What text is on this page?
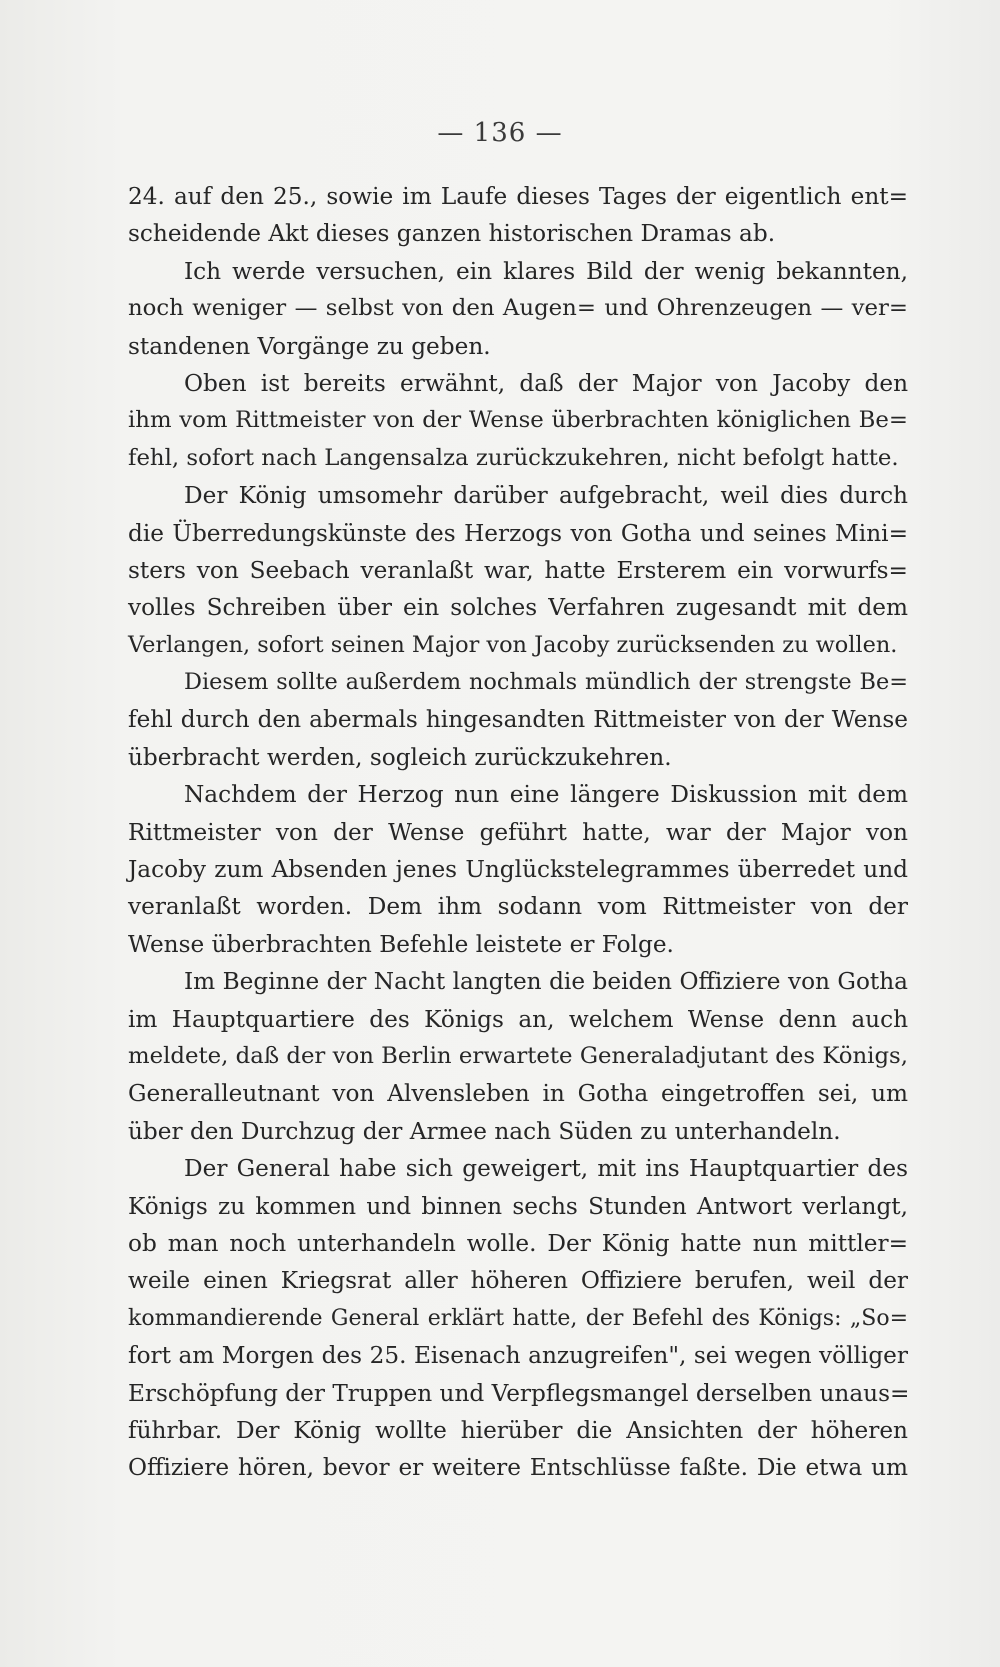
— 136 —
24. auf den 25., sowie im Laufe dieses Tages der eigentlich ent=
scheidende Akt dieses ganzen historischen Dramas ab.
Ich werde versuchen, ein klares Bild der wenig bekannten,
noch weniger — selbst von den Augen= und Ohrenzeugen — ver=
standenen Vorgänge zu geben.
Oben ist bereits erwähnt, daß der Major von Jacoby den
ihm vom Rittmeister von der Wense überbrachten königlichen Be=
fehl, sofort nach Langensalza zurückzukehren, nicht befolgt hatte.
Der König umsomehr darüber aufgebracht, weil dies durch
die Überredungskünste des Herzogs von Gotha und seines Mini=
sters von Seebach veranlaßt war, hatte Ersterem ein vorwurfs=
volles Schreiben über ein solches Verfahren zugesandt mit dem
Verlangen, sofort seinen Major von Jacoby zurücksenden zu wollen.
Diesem sollte außerdem nochmals mündlich der strengste Be=
fehl durch den abermals hingesandten Rittmeister von der Wense
überbracht werden, sogleich zurückzukehren.
Nachdem der Herzog nun eine längere Diskussion mit dem
Rittmeister von der Wense geführt hatte, war der Major von
Jacoby zum Absenden jenes Unglückstelegrammes überredet und
veranlaßt worden. Dem ihm sodann vom Rittmeister von der
Wense überbrachten Befehle leistete er Folge.
Im Beginne der Nacht langten die beiden Offiziere von Gotha
im Hauptquartiere des Königs an, welchem Wense denn auch
meldete, daß der von Berlin erwartete Generaladjutant des Königs,
Generalleutnant von Alvensleben in Gotha eingetroffen sei, um
über den Durchzug der Armee nach Süden zu unterhandeln.
Der General habe sich geweigert, mit ins Hauptquartier des
Königs zu kommen und binnen sechs Stunden Antwort verlangt,
ob man noch unterhandeln wolle. Der König hatte nun mittler=
weile einen Kriegsrat aller höheren Offiziere berufen, weil der
kommandierende General erklärt hatte, der Befehl des Königs: „So=
fort am Morgen des 25. Eisenach anzugreifen", sei wegen völliger
Erschöpfung der Truppen und Verpflegsmangel derselben unaus=
führbar. Der König wollte hierüber die Ansichten der höheren
Offiziere hören, bevor er weitere Entschlüsse faßte. Die etwa um
